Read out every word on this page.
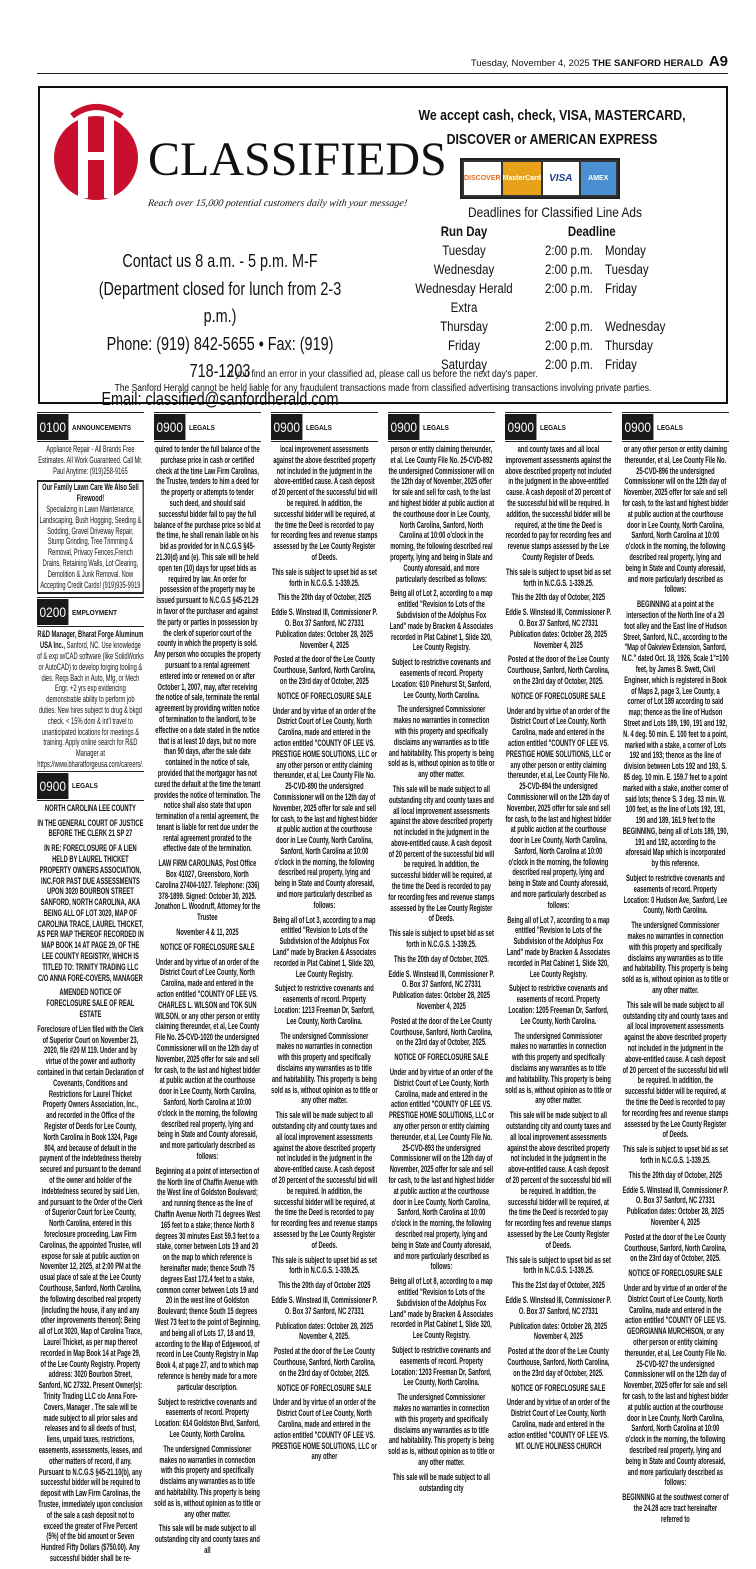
Tuesday, November 4, 2025 THE SANFORD HERALD A9
CLASSIFIEDS
Reach over 15,000 potential customers daily with your message!
Contact us 8 a.m. - 5 p.m. M-F
(Department closed for lunch from 2-3 p.m.)
Phone: (919) 842-5655 • Fax: (919) 718-1203
Email: classified@sanfordherald.com
We accept cash, check, VISA, MASTERCARD,
DISCOVER or AMERICAN EXPRESS
DISCOVER MasterCard VISA	AMEX
Deadlines for Classified Line Ads
Run Day	Deadline
Tuesday	2:00 p.m. Monday
Wednesday	2:00 p.m. Tuesday
Wednesday Herald Extra
2:00 p.m. Friday
Thursday	2:00 p.m. Wednesday
Friday	2:00 p.m. Thursday
Saturday	2:00 p.m. Friday
If you find an error in your classified ad, please call us before the next day's paper.
The Sanford Herald cannot be held liable for any fraudulent transactions made from classified advertising transactions involving private parties.
0100 ANNOUNCEMENTS

Appliance Repair - All Brands Free Estimates. All Work Guaranteed. Call Mr. Paul Anytime: (919)258-9165

Our Family Lawn Care We Also Sell Firewood!
Specializing in Lawn Maintenance, Landscaping, Bush Hogging, Seeding & Sodding, Gravel Driveway Repair, Stump Grinding, Tree Trimming & Removal, Privacy Fences,French Drains, Retaining Walls, Lot Clearing, Demolition & Junk Removal. Now Accepting Credit Cards! (919)935-9919
0200 EMPLOYMENT

R&D Manager, Bharat Forge Aluminum USA Inc., Sanford, NC. Use knowledge of & exp w/CAD software (like SolidWorks or AutoCAD) to develop forging tooling & dies. Reqs Bach in Auto, Mfg, or Mech Engr. +2 yrs exp evidencing demonstrable ability to perform job duties. New hires subject to drug & bkgd check. < 15% dom & int'l travel to unanticipated locations for meetings & training. Apply online search for R&D Manager at https://www.bharatforgeusa.com/careers/.

0900 LEGALS

NORTH CAROLINA LEE COUNTY

IN THE GENERAL COURT OF JUSTICE BEFORE THE CLERK 21 SP 27

IN RE: FORECLOSURE OF A LIEN HELD BY LAUREL THICKET PROPERTY OWNERS ASSOCIATION, INC.FOR PAST DUE ASSESSMENTS UPON 3020 BOURBON STREET SANFORD, NORTH CAROLINA, AKA BEING ALL OF LOT 3020, MAP OF CAROLINA TRACE, LAUREL THICKET, AS PER MAP THEREOF RECORDED IN MAP BOOK 14 AT PAGE 29, OF THE LEE COUNTY REGISTRY, WHICH IS TITLED TO: TRINITY TRADING LLC C/O ANNA FORE-COVERS, MANAGER

AMENDED NOTICE OF FORECLOSURE SALE OF REAL ESTATE

Foreclosure of Lien filed with the Clerk of Superior Court on November 23, 2020, file #20 M 119. Under and by virtue of the power and authority contained in that certain Declaration of Covenants, Conditions and Restrictions for Laurel Thicket Property Owners Association, Inc., and recorded in the Office of the Register of Deeds for Lee County, North Carolina in Book 1324, Page 804, and because of default in the payment of the indebtedness thereby secured and pursuant to the demand of the owner and holder of the indebtedness secured by said Lien, and pursuant to the Order of the Clerk of Superior Court for Lee County, North Carolina, entered in this foreclosure proceeding, Law Firm Carolinas, the appointed Trustee, will expose for sale at public auction on November 12, 2025, at 2:00 PM at the usual place of sale at the Lee County Courthouse, Sanford, North Carolina, the following described real property (including the house, if any and any other improvements thereon): Being all of Lot 3020, Map of Carolina Trace, Laurel Thicket, as per map thereof recorded in Map Book 14 at Page 29, of the Lee County Registry. Property address: 3020 Bourbon Street, Sanford, NC 27332. Present Owner(s): Trinity Trading LLC c/o Anna Fore-Covers, Manager . The sale will be made subject to all prior sales and releases and to all deeds of trust, liens, unpaid taxes, restrictions, easements, assessments, leases, and other matters of record, if any. Pursuant to N.C.G.S §45-21.10(b), any successful bidder will be required to deposit with Law Firm Carolinas, the Trustee, immediately upon conclusion of the sale a cash deposit not to exceed the greater of Five Percent (5%) of the bid amount or Seven Hundred Fifty Dollars ($750.00). Any successful bidder shall be re-

0900 LEGALS

quired to tender the full balance of the purchase price in cash or certified check at the time Law Firm Carolinas, the Trustee, tenders to him a deed for the property or attempts to tender such deed, and should said successful bidder fail to pay the full balance of the purchase price so bid at the time, he shall remain liable on his bid as provided for in N.C.G.S §45-21.30(d) and (e). This sale will be held open ten (10) days for upset bids as required by law. An order for possession of the property may be issued pursuant to N.C.G.S §45-21.29 in favor of the purchaser and against the party or parties in possession by the clerk of superior court of the county in which the property is sold. Any person who occupies the property pursuant to a rental agreement entered into or renewed on or after October 1, 2007, may, after receiving the notice of sale, terminate the rental agreement by providing written notice of termination to the landlord, to be effective on a date stated in the notice that is at least 10 days, but no more than 90 days, after the sale date contained in the notice of sale, provided that the mortgagor has not cured the default at the time the tenant provides the notice of termination. The notice shall also state that upon termination of a rental agreement, the tenant is liable for rent due under the rental agreement prorated to the effective date of the termination.

LAW FIRM CAROLINAS, Post Office Box 41027, Greensboro, North Carolina 27404-1027. Telephone: (336) 378-1899. Signed: October 30, 2025. Jonathon L. Woodruff, Attorney for the Trustee

November 4 & 11, 2025

NOTICE OF FORECLOSURE SALE

Under and by virtue of an order of the District Court of Lee County, North Carolina, made and entered in the action entitled "COUNTY OF LEE VS. CHARLES L. WILSON and TOK SUN WILSON, or any other person or entity claiming thereunder, et al, Lee County File No. 25-CVD-1020 the undersigned Commissioner will on the 12th day of November, 2025 offer for sale and sell for cash, to the last and highest bidder at public auction at the courthouse door in Lee County, North Carolina, Sanford, North Carolina at 10:00 o'clock in the morning, the following described real property, lying and being in State and County aforesaid, and more particularly described as follows:

Beginning at a point of intersection of the North line of Chaffin Avenue with the West line of Goldston Boulevard; and running thence as the line of Chaffin Avenue North 71 degrees West 165 feet to a stake; thence North 8 degrees 30 minutes East 59.3 feet to a stake, corner between Lots 19 and 20 on the map to which reference is hereinafter made; thence South 75 degrees East 172.4 feet to a stake, common corner between Lots 19 and 20 in the west line of Goldston Boulevard; thence South 15 degrees West 73 feet to the point of Beginning, and being all of Lots 17, 18 and 19, according to the Map of Edgewood, of record in Lee County Registry in Map Book 4, at page 27, and to which map reference is hereby made for a more particular description.

Subject to restrictive covenants and easements of record. Property Location: 614 Goldston Blvd, Sanford, Lee County, North Carolina.

The undersigned Commissioner makes no warranties in connection with this property and specifically disclaims any warranties as to title and habitability. This property is being sold as is, without opinion as to title or any other matter.

This sale will be made subject to all outstanding city and county taxes and all

0900 LEGALS

local improvement assessments against the above described property not included in the judgment in the above-entitled cause. A cash deposit of 20 percent of the successful bid will be required. In addition, the successful bidder will be required, at the time the Deed is recorded to pay for recording fees and revenue stamps assessed by the Lee County Register of Deeds.

This sale is subject to upset bid as set forth in N.C.G.S. 1-339.25.

This the 20th day of October, 2025

Eddie S. Winstead III, Commissioner P. O. Box 37 Sanford, NC 27331 Publication dates: October 28, 2025 November 4, 2025

Posted at the door of the Lee County Courthouse, Sanford, North Carolina, on the 23rd day of October, 2025

NOTICE OF FORECLOSURE SALE

Under and by virtue of an order of the District Court of Lee County, North Carolina, made and entered in the action entitled "COUNTY OF LEE VS. PRESTIGE HOME SOLUTIONS, LLC or any other person or entity claiming thereunder, et al, Lee County File No. 25-CVD-890 the undersigned Commissioner will on the 12th day of November, 2025 offer for sale and sell for cash, to the last and highest bidder at public auction at the courthouse door in Lee County, North Carolina, Sanford, North Carolina at 10:00 o'clock in the morning, the following described real property, lying and being in State and County aforesaid, and more particularly described as follows:

Being all of Lot 3, according to a map entitled "Revision to Lots of the Subdivision of the Adolphus Fox Land" made by Bracken & Associates recorded in Plat Cabinet 1, Slide 320, Lee County Registry.

Subject to restrictive covenants and easements of record. Property Location: 1213 Freeman Dr, Sanford, Lee County, North Carolina.

The undersigned Commissioner makes no warranties in connection with this property and specifically disclaims any warranties as to title and habitability. This property is being sold as is, without opinion as to title or any other matter.

This sale will be made subject to all outstanding city and county taxes and all local improvement assessments against the above described property not included in the judgment in the above-entitled cause. A cash deposit of 20 percent of the successful bid will be required. In addition, the successful bidder will be required, at the time the Deed is recorded to pay for recording fees and revenue stamps assessed by the Lee County Register of Deeds.

This sale is subject to upset bid as set forth in N.C.G.S. 1-339.25.

This the 20th day of October 2025

Eddie S. Winstead III, Commissioner P. O. Box 37 Sanford, NC 27331

Publication dates: October 28, 2025 November 4, 2025.

Posted at the door of the Lee County Courthouse, Sanford, North Carolina, on the 23rd day of October, 2025.

NOTICE OF FORECLOSURE SALE

Under and by virtue of an order of the District Court of Lee County, North Carolina, made and entered in the action entitled "COUNTY OF LEE VS. PRESTIGE HOME SOLUTIONS, LLC or any other

0900 LEGALS

person or entity claiming thereunder, et al. Lee County File No. 25-CVD-892 the undersigned Commissioner will on the 12th day of November, 2025 offer for sale and sell for cash, to the last and highest bidder at public auction at the courthouse door in Lee County, North Carolina, Sanford, North Carolina at 10:00 o'clock in the morning, the following described real property, lying and being in State and County aforesaid, and more particularly described as follows:

Being all of Lot 2, according to a map entitled "Revision to Lots of the Subdivision of the Adolphus Fox Land" made by Bracken & Associates recorded in Plat Cabinet 1, Slide 320, Lee County Registry.

Subject to restrictive covenants and easements of record. Property Location: 610 Pinehurst St, Sanford, Lee County, North Carolina.

The undersigned Commissioner makes no warranties in connection with this property and specifically disclaims any warranties as to title and habitability. This property is being sold as is, without opinion as to title or any other matter.

This sale will be made subject to all outstanding city and county taxes and all local improvement assessments against the above described property not included in the judgment in the above-entitled cause. A cash deposit of 20 percent of the successful bid will be required. In addition, the successful bidder will be required, at the time the Deed is recorded to pay for recording fees and revenue stamps assessed by the Lee County Register of Deeds.

This sale is subject to upset bid as set forth in N.C.G.S. 1-339.25.

This the 20th day of October, 2025.

Eddie S. Winstead III, Commissioner P. O. Box 37 Sanford, NC 27331 Publication dates: October 28, 2025 November 4, 2025

Posted at the door of the Lee County Courthouse, Sanford, North Carolina, on the 23rd day of October, 2025.

NOTICE OF FORECLOSURE SALE

Under and by virtue of an order of the District Court of Lee County, North Carolina, made and entered in the action entitled "COUNTY OF LEE VS. PRESTIGE HOME SOLUTIONS, LLC or any other person or entity claiming thereunder, et al, Lee County File No. 25-CVD-893 the undersigned Commissioner will on the 12th day of November, 2025 offer for sale and sell for cash, to the last and highest bidder at public auction at the courthouse door in Lee County, North Carolina, Sanford, North Carolina at 10:00 o'clock in the morning, the following described real property, lying and being in State and County aforesaid, and more particularly described as follows:

Being all of Lot 8, according to a map entitled "Revision to Lots of the Subdivision of the Adolphus Fox Land" made by Bracken & Associates recorded in Plat Cabinet 1, Slide 320, Lee County Registry.

Subject to restrictive covenants and easements of record. Property Location: 1203 Freeman Dr, Sanford, Lee County, North Carolina.

The undersigned Commissioner makes no warranties in connection with this property and specifically disclaims any warranties as to title and habitability. This property is being sold as is, without opinion as to title or any other matter.

This sale will be made subject to all outstanding city

0900 LEGALS

and county taxes and all local improvement assessments against the above described property not included in the judgment in the above-entitled cause. A cash deposit of 20 percent of the successful bid will be required. In addition, the successful bidder will be required, at the time the Deed is recorded to pay for recording fees and revenue stamps assessed by the Lee County Register of Deeds.

This sale is subject to upset bid as set forth in N.C.G.S. 1-339.25.

This the 20th day of October, 2025

Eddie S. Winstead III, Commissioner P. O. Box 37 Sanford, NC 27331 Publication dates: October 28, 2025 November 4, 2025

Posted at the door of the Lee County Courthouse, Sanford, North Carolina, on the 23rd day of October, 2025.

NOTICE OF FORECLOSURE SALE

Under and by virtue of an order of the District Court of Lee County, North Carolina, made and entered in the action entitled "COUNTY OF LEE VS. PRESTIGE HOME SOLUTIONS, LLC or any other person or entity claiming thereunder, et al, Lee County File No. 25-CVD-894 the undersigned Commissioner will on the 12th day of November, 2025 offer for sale and sell for cash, to the last and highest bidder at public auction at the courthouse door in Lee County, North Carolina, Sanford, North Carolina at 10:00 o'clock in the morning, the following described real property, lying and being in State and County aforesaid, and more particularly described as follows:

Being all of Lot 7, according to a map entitled "Revision to Lots of the Subdivision of the Adolphus Fox Land" made by Bracken & Associates recorded in Plat Cabinet 1, Slide 320, Lee County Registry.

Subject to restrictive covenants and easements of record. Property Location: 1205 Freeman Dr, Sanford, Lee County, North Carolina.

The undersigned Commissioner makes no warranties in connection with this property and specifically disclaims any warranties as to title and habitability. This property is being sold as is, without opinion as to title or any other matter.

This sale will be made subject to all outstanding city and county taxes and all local improvement assessments against the above described property not included in the judgment in the above-entitled cause. A cash deposit of 20 percent of the successful bid will be required. In addition, the successful bidder will be required, at the time the Deed is recorded to pay for recording fees and revenue stamps assessed by the Lee County Register of Deeds.

This sale is subject to upset bid as set forth in N.C.G.S. 1-339.25.

This the 21st day of October, 2025

Eddie S. Winstead III, Commissioner P. O. Box 37 Sanford, NC 27331

Publication dates: October 28, 2025 November 4, 2025

Posted at the door of the Lee County Courthouse, Sanford, North Carolina, on the 23rd day of October, 2025.

NOTICE OF FORECLOSURE SALE

Under and by virtue of an order of the District Court of Lee County, North Carolina, made and entered in the action entitled "COUNTY OF LEE VS. MT. OLIVE HOLINESS CHURCH

0900 LEGALS

or any other person or entity claiming thereunder, et al, Lee County File No. 25-CVD-896 the undersigned Commissioner will on the 12th day of November, 2025 offer for sale and sell for cash, to the last and highest bidder at public auction at the courthouse door in Lee County, North Carolina, Sanford, North Carolina at 10:00 o'clock in the morning, the following described real property, lying and being in State and County aforesaid, and more particularly described as follows:

BEGINNING at a point at the intersection of the North line of a 20 foot alley and the East line of Hudson Street, Sanford, N.C., according to the "Map of Oakview Extension, Sanford, N.C." dated Oct. 18, 1926, Scale 1"=100 feet, by James B. Swett, Civil Engineer, which is registered in Book of Maps 2, page 3, Lee County, a corner of Lot 189 according to said map; thence as the line of Hudson Street and Lots 189, 190, 191 and 192, N. 4 deg. 50 min. E. 100 feet to a point, marked with a stake, a corner of Lots 192 and 193; thence as the line of division between Lots 192 and 193, S. 85 deg. 10 min. E. 159.7 feet to a point marked with a stake, another corner of said lots; thence S. 3 deg. 33 min. W. 100 feet, as the line of Lots 192, 191, 190 and 189, 161.9 feet to the BEGINNING, being all of Lots 189, 190, 191 and 192, according to the aforesaid Map which is incorporated by this reference.

Subject to restrictive covenants and easements of record. Property Location: 0 Hudson Ave, Sanford, Lee County, North Carolina.

The undersigned Commissioner makes no warranties in connection with this property and specifically disclaims any warranties as to title and habitability. This property is being sold as is, without opinion as to title or any other matter.

This sale will be made subject to all outstanding city and county taxes and all local improvement assessments against the above described property not included in the judgment in the above-entitled cause. A cash deposit of 20 percent of the successful bid will be required. In addition, the successful bidder will be required, at the time the Deed is recorded to pay for recording fees and revenue stamps assessed by the Lee County Register of Deeds.

This sale is subject to upset bid as set forth in N.C.G.S. 1-339.25.

This the 20th day of October, 2025

Eddie S. Winstead III, Commissioner P. O. Box 37 Sanford, NC 27331 Publication dates: October 28, 2025 November 4, 2025

Posted at the door of the Lee County Courthouse, Sanford, North Carolina, on the 23rd day of October, 2025.

NOTICE OF FORECLOSURE SALE

Under and by virtue of an order of the District Court of Lee County, North Carolina, made and entered in the action entitled "COUNTY OF LEE VS. GEORGIANNA MURCHISON, or any other person or entity claiming thereunder, et al, Lee County File No. 25-CVD-927 the undersigned Commissioner will on the 12th day of November, 2025 offer for sale and sell for cash, to the last and highest bidder at public auction at the courthouse door in Lee County, North Carolina, Sanford, North Carolina at 10:00 o'clock in the morning, the following described real property, lying and being in State and County aforesaid, and more particularly described as follows:

BEGINNING at the southwest corner of the 24.28 acre tract hereinafter referred to
